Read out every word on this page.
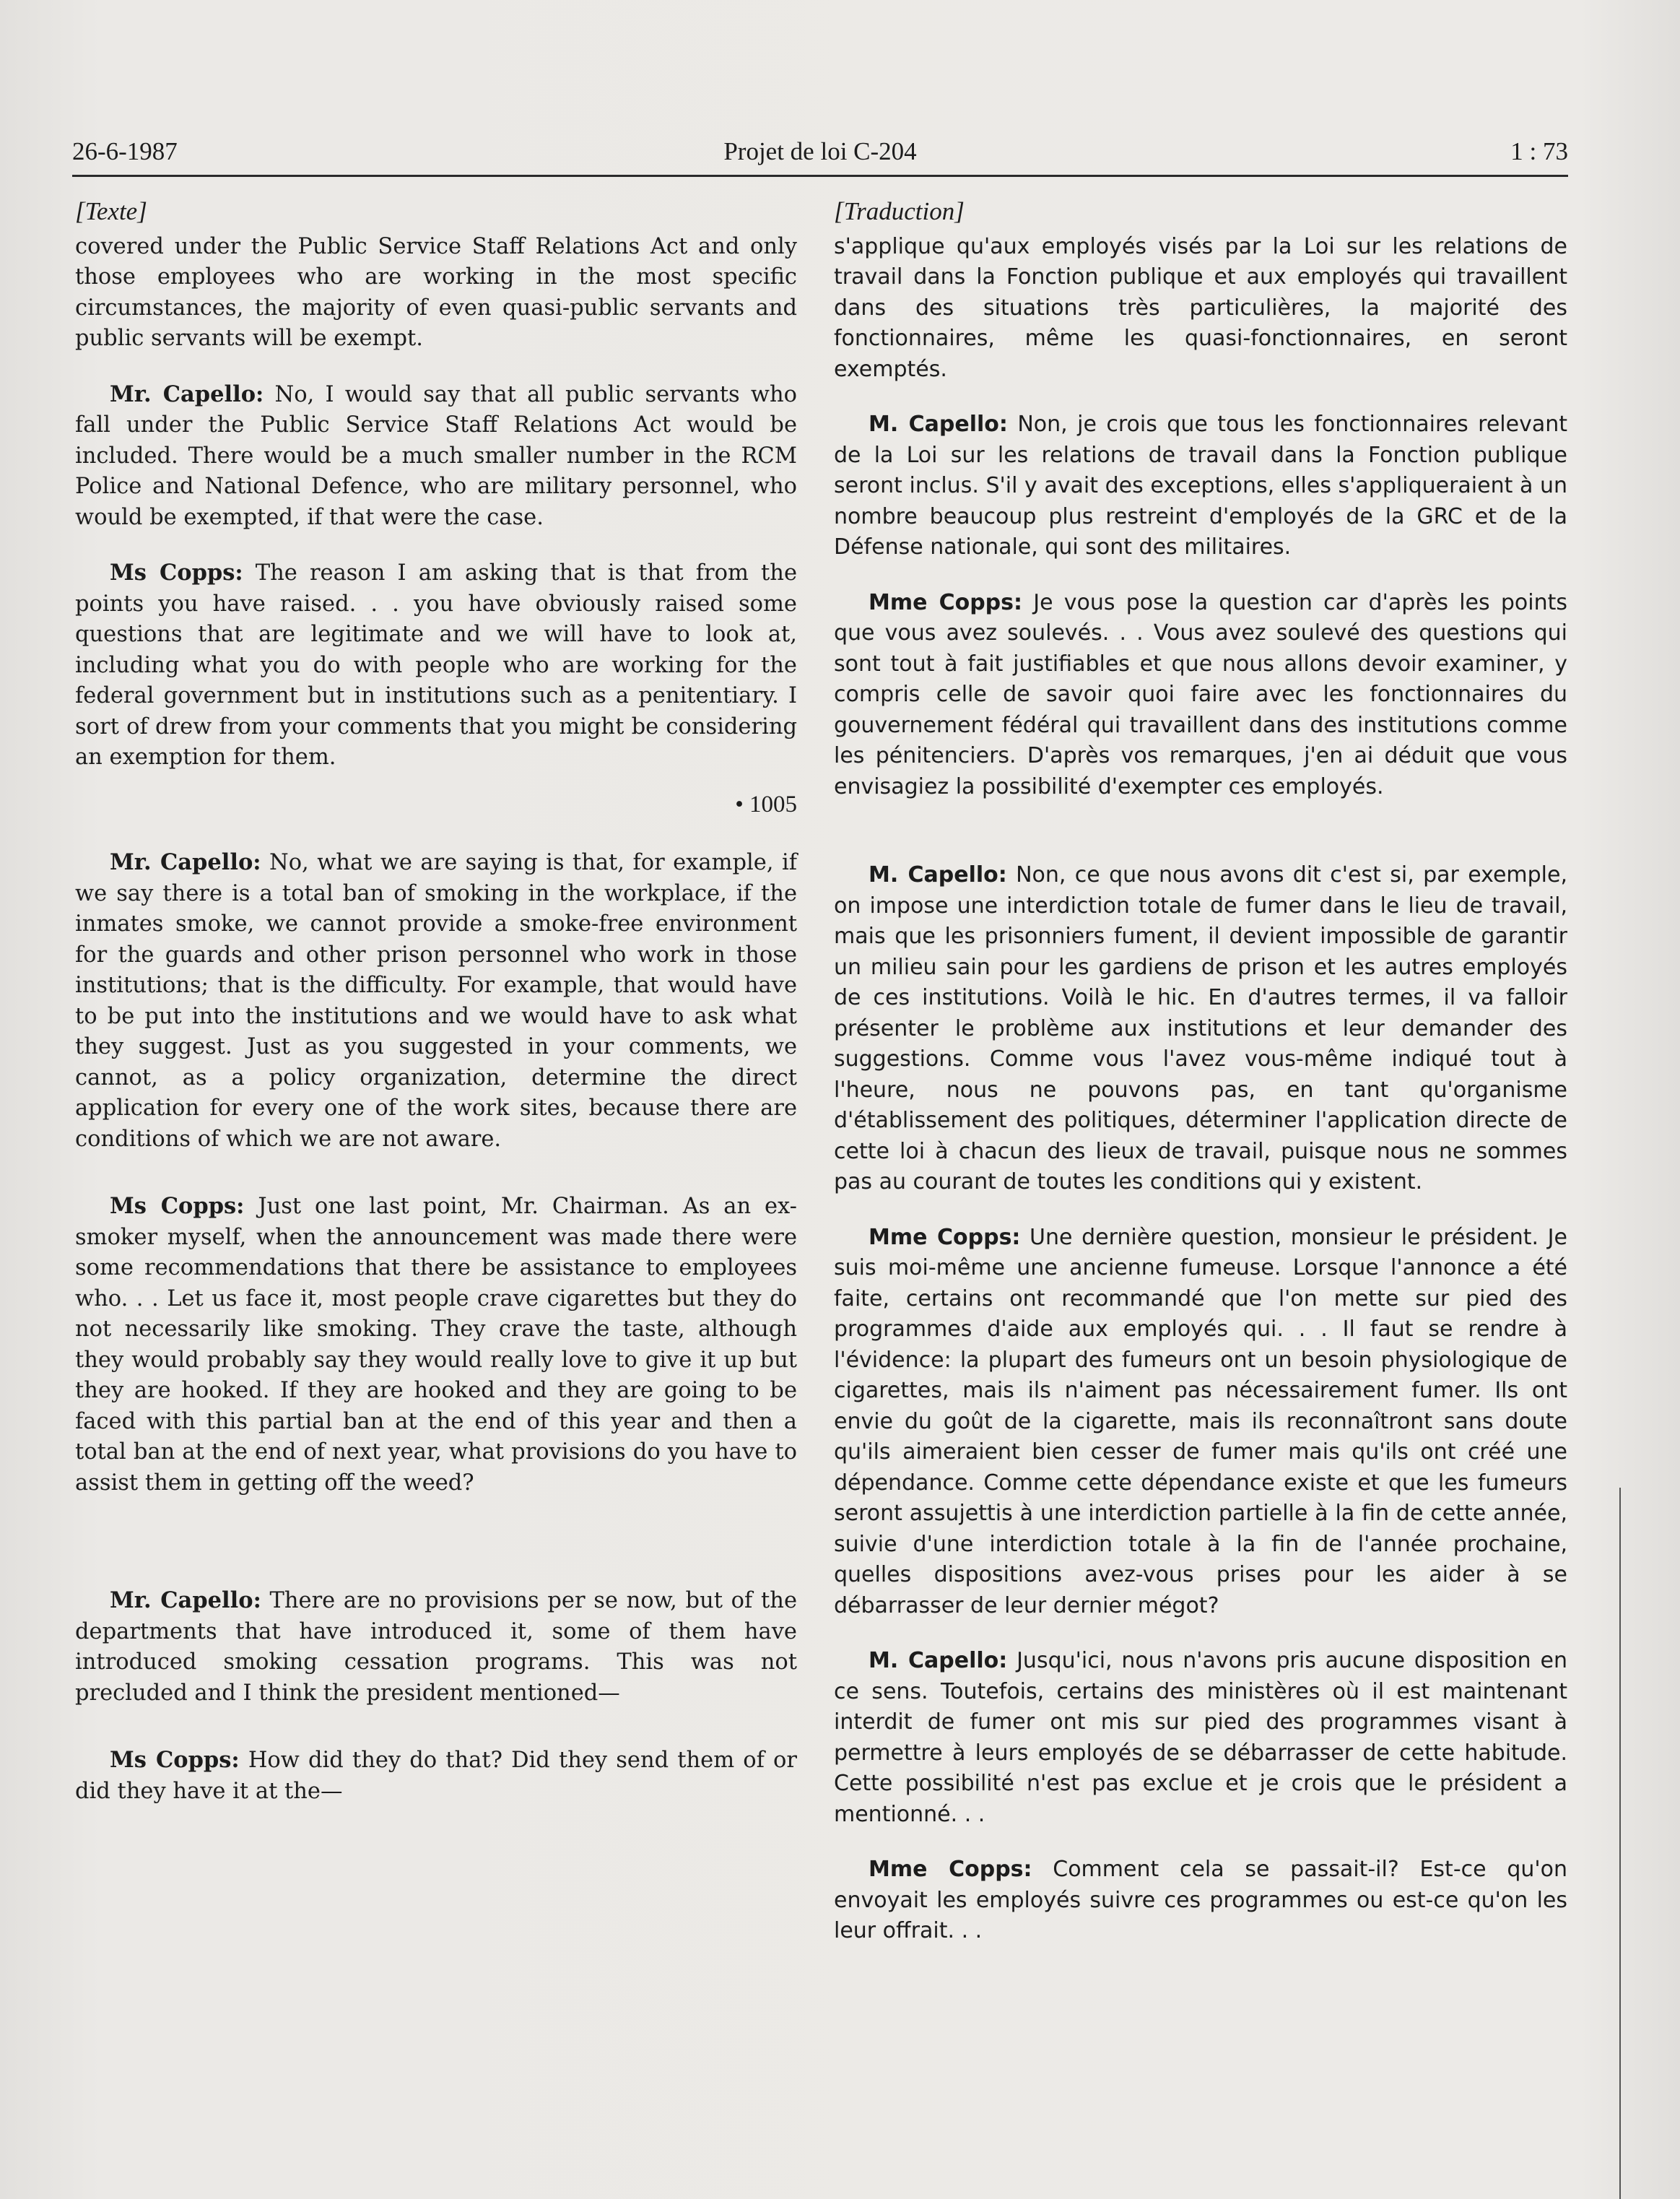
26-6-1987	Projet de loi C-204	1 : 73
[Texte]

covered under the Public Service Staff Relations Act and only those employees who are working in the most specific circumstances, the majority of even quasi-public servants and public servants will be exempt.

Mr. Capello: No, I would say that all public servants who fall under the Public Service Staff Relations Act would be included. There would be a much smaller number in the RCM Police and National Defence, who are military personnel, who would be exempted, if that were the case.

Ms Copps: The reason I am asking that is that from the points you have raised. . . you have obviously raised some questions that are legitimate and we will have to look at, including what you do with people who are working for the federal government but in institutions such as a penitentiary. I sort of drew from your comments that you might be considering an exemption for them.

• 1005

Mr. Capello: No, what we are saying is that, for example, if we say there is a total ban of smoking in the workplace, if the inmates smoke, we cannot provide a smoke-free environment for the guards and other prison personnel who work in those institutions; that is the difficulty. For example, that would have to be put into the institutions and we would have to ask what they suggest. Just as you suggested in your comments, we cannot, as a policy organization, determine the direct application for every one of the work sites, because there are conditions of which we are not aware.

Ms Copps: Just one last point, Mr. Chairman. As an ex-smoker myself, when the announcement was made there were some recommendations that there be assistance to employees who. . . Let us face it, most people crave cigarettes but they do not necessarily like smoking. They crave the taste, although they would probably say they would really love to give it up but they are hooked. If they are hooked and they are going to be faced with this partial ban at the end of this year and then a total ban at the end of next year, what provisions do you have to assist them in getting off the weed?

Mr. Capello: There are no provisions per se now, but of the departments that have introduced it, some of them have introduced smoking cessation programs. This was not precluded and I think the president mentioned—

Ms Copps: How did they do that? Did they send them of or did they have it at the—

[Traduction]

s'applique qu'aux employés visés par la Loi sur les relations de travail dans la Fonction publique et aux employés qui travaillent dans des situations très particulières, la majorité des fonctionnaires, même les quasi-fonctionnaires, en seront exemptés.

M. Capello: Non, je crois que tous les fonctionnaires relevant de la Loi sur les relations de travail dans la Fonction publique seront inclus. S'il y avait des exceptions, elles s'appliqueraient à un nombre beaucoup plus restreint d'employés de la GRC et de la Défense nationale, qui sont des militaires.

Mme Copps: Je vous pose la question car d'après les points que vous avez soulevés. . . Vous avez soulevé des questions qui sont tout à fait justifiables et que nous allons devoir examiner, y compris celle de savoir quoi faire avec les fonctionnaires du gouvernement fédéral qui travaillent dans des institutions comme les pénitenciers. D'après vos remarques, j'en ai déduit que vous envisagiez la possibilité d'exempter ces employés.

M. Capello: Non, ce que nous avons dit c'est si, par exemple, on impose une interdiction totale de fumer dans le lieu de travail, mais que les prisonniers fument, il devient impossible de garantir un milieu sain pour les gardiens de prison et les autres employés de ces institutions. Voilà le hic. En d'autres termes, il va falloir présenter le problème aux institutions et leur demander des suggestions. Comme vous l'avez vous-même indiqué tout à l'heure, nous ne pouvons pas, en tant qu'organisme d'établissement des politiques, déterminer l'application directe de cette loi à chacun des lieux de travail, puisque nous ne sommes pas au courant de toutes les conditions qui y existent.

Mme Copps: Une dernière question, monsieur le président. Je suis moi-même une ancienne fumeuse. Lorsque l'annonce a été faite, certains ont recommandé que l'on mette sur pied des programmes d'aide aux employés qui. . . Il faut se rendre à l'évidence: la plupart des fumeurs ont un besoin physiologique de cigarettes, mais ils n'aiment pas nécessairement fumer. Ils ont envie du goût de la cigarette, mais ils reconnaîtront sans doute qu'ils aimeraient bien cesser de fumer mais qu'ils ont créé une dépendance. Comme cette dépendance existe et que les fumeurs seront assujettis à une interdiction partielle à la fin de cette année, suivie d'une interdiction totale à la fin de l'année prochaine, quelles dispositions avez-vous prises pour les aider à se débarrasser de leur dernier mégot?

M. Capello: Jusqu'ici, nous n'avons pris aucune disposition en ce sens. Toutefois, certains des ministères où il est maintenant interdit de fumer ont mis sur pied des programmes visant à permettre à leurs employés de se débarrasser de cette habitude. Cette possibilité n'est pas exclue et je crois que le président a mentionné. . .

Mme Copps: Comment cela se passait-il? Est-ce qu'on envoyait les employés suivre ces programmes ou est-ce qu'on les leur offrait. . .
